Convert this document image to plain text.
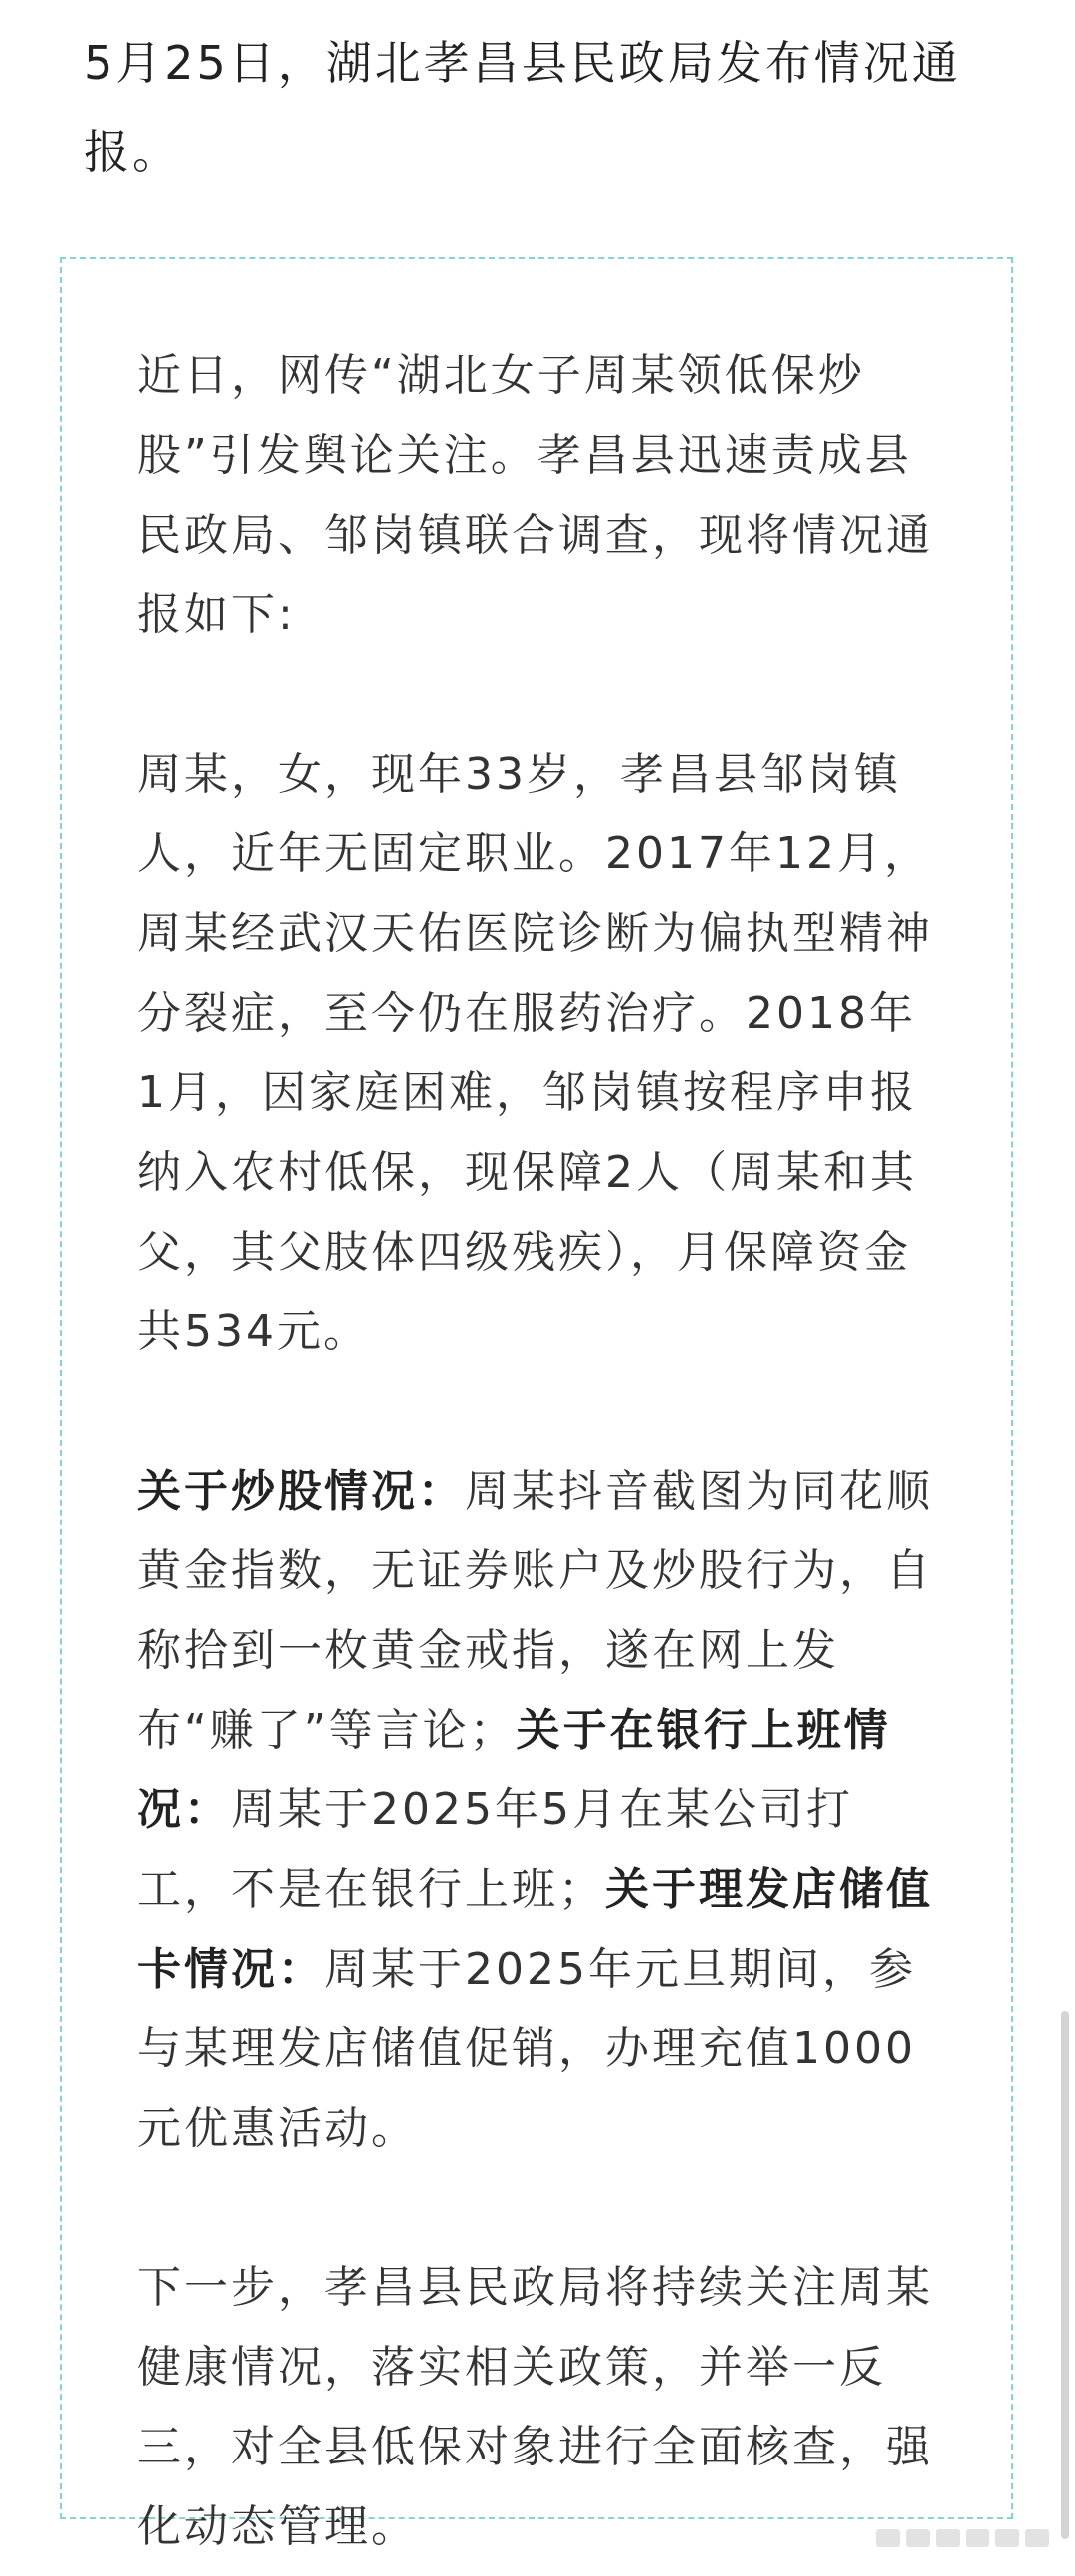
5月25日，湖北孝昌县民政局发布情况通报。

近日，网传“湖北女子周某领低保炒股”引发舆论关注。孝昌县迅速责成县民政局、邹岗镇联合调查，现将情况通报如下:

周某，女，现年33岁，孝昌县邹岗镇人，近年无固定职业。2017年12月，周某经武汉天佑医院诊断为偏执型精神分裂症，至今仍在服药治疗。2018年1月，因家庭困难，邹岗镇按程序申报纳入农村低保，现保障2人（周某和其父，其父肢体四级残疾），月保障资金共534元。

关于炒股情况：周某抖音截图为同花顺黄金指数，无证券账户及炒股行为，自称拾到一枚黄金戒指，遂在网上发布“赚了”等言论；关于在银行上班情况：周某于2025年5月在某公司打工，不是在银行上班；关于理发店储值卡情况：周某于2025年元旦期间，参与某理发店储值促销，办理充值1000元优惠活动。

下一步，孝昌县民政局将持续关注周某健康情况，落实相关政策，并举一反三，对全县低保对象进行全面核查，强化动态管理。
